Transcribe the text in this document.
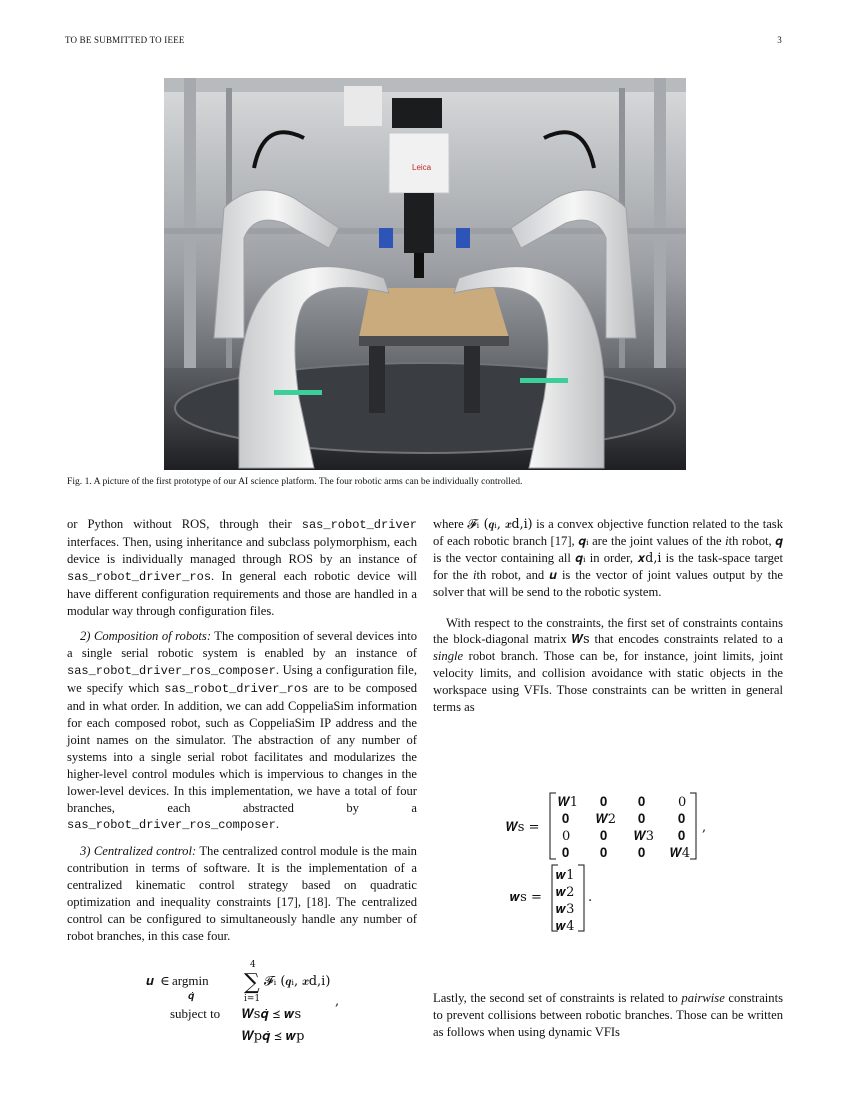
TO BE SUBMITTED TO IEEE	3
Leica
Fig. 1. A picture of the first prototype of our AI science platform. The four robotic arms can be individually controlled.

or Python without ROS, through their sas_robot_driver interfaces. Then, using inheritance and subclass polymorphism, each device is individually managed through ROS by an instance of sas_robot_driver_ros. In general each robotic device will have different configuration requirements and those are handled in a modular way through configuration files.

2) Composition of robots: The composition of several devices into a single serial robotic system is enabled by an instance of sas_robot_driver_ros_composer. Using a configuration file, we specify which sas_robot_driver_ros are to be composed and in what order. In addition, we can add CoppeliaSim information for each composed robot, such as CoppeliaSim IP address and the joint names on the simulator. The abstraction of any number of systems into a single serial robot facilitates and modularizes the higher-level control modules which is impervious to changes in the lower-level devices. In this implementation, we have a total of four branches, each abstracted by a sas_robot_driver_ros_composer.

3) Centralized control: The centralized control module is the main contribution in terms of software. It is the implementation of a centralized kinematic control strategy based on quadratic optimization and inequality constraints [17], [18]. The centralized control can be configured to simultaneously handle any number of robot branches, in this case four.

where 𝓕ᵢ (𝒒ᵢ, 𝒙d,i) is a convex objective function related to the task of each robotic branch [17], 𝒒ᵢ are the joint values of the ith robot, 𝒒 is the vector containing all 𝒒ᵢ in order, 𝒙d,i is the task-space target for the ith robot, and 𝒖 is the vector of joint values output by the solver that will be send to the robotic system.

With respect to the constraints, the first set of constraints contains the block-diagonal matrix 𝑾s that encodes constraints related to a single robot branch. Those can be, for instance, joint limits, joint velocity limits, and collision avoidance with static objects in the workspace using VFIs. Those constraints can be written in general terms as

𝑾s =
𝑾1 𝟎 𝟎	0
𝟎 𝑾2 𝟎	𝟎
0 𝟎 𝑾3 𝟎
𝟎 𝟎 𝟎 𝑾4
,
𝒘s =
𝒘1
𝒘2
𝒘3
𝒘4
.
𝒖 ∈ argmin
𝒒̇
4
∑
i=1
𝓕ᵢ (𝒒ᵢ, 𝒙d,i)
,
subject to 𝑾s𝒒̇ ≼ 𝒘s
𝑾p𝒒̇ ≼ 𝒘p
Lastly, the second set of constraints is related to pairwise constraints to prevent collisions between robotic branches. Those can be written as follows when using dynamic VFIs
